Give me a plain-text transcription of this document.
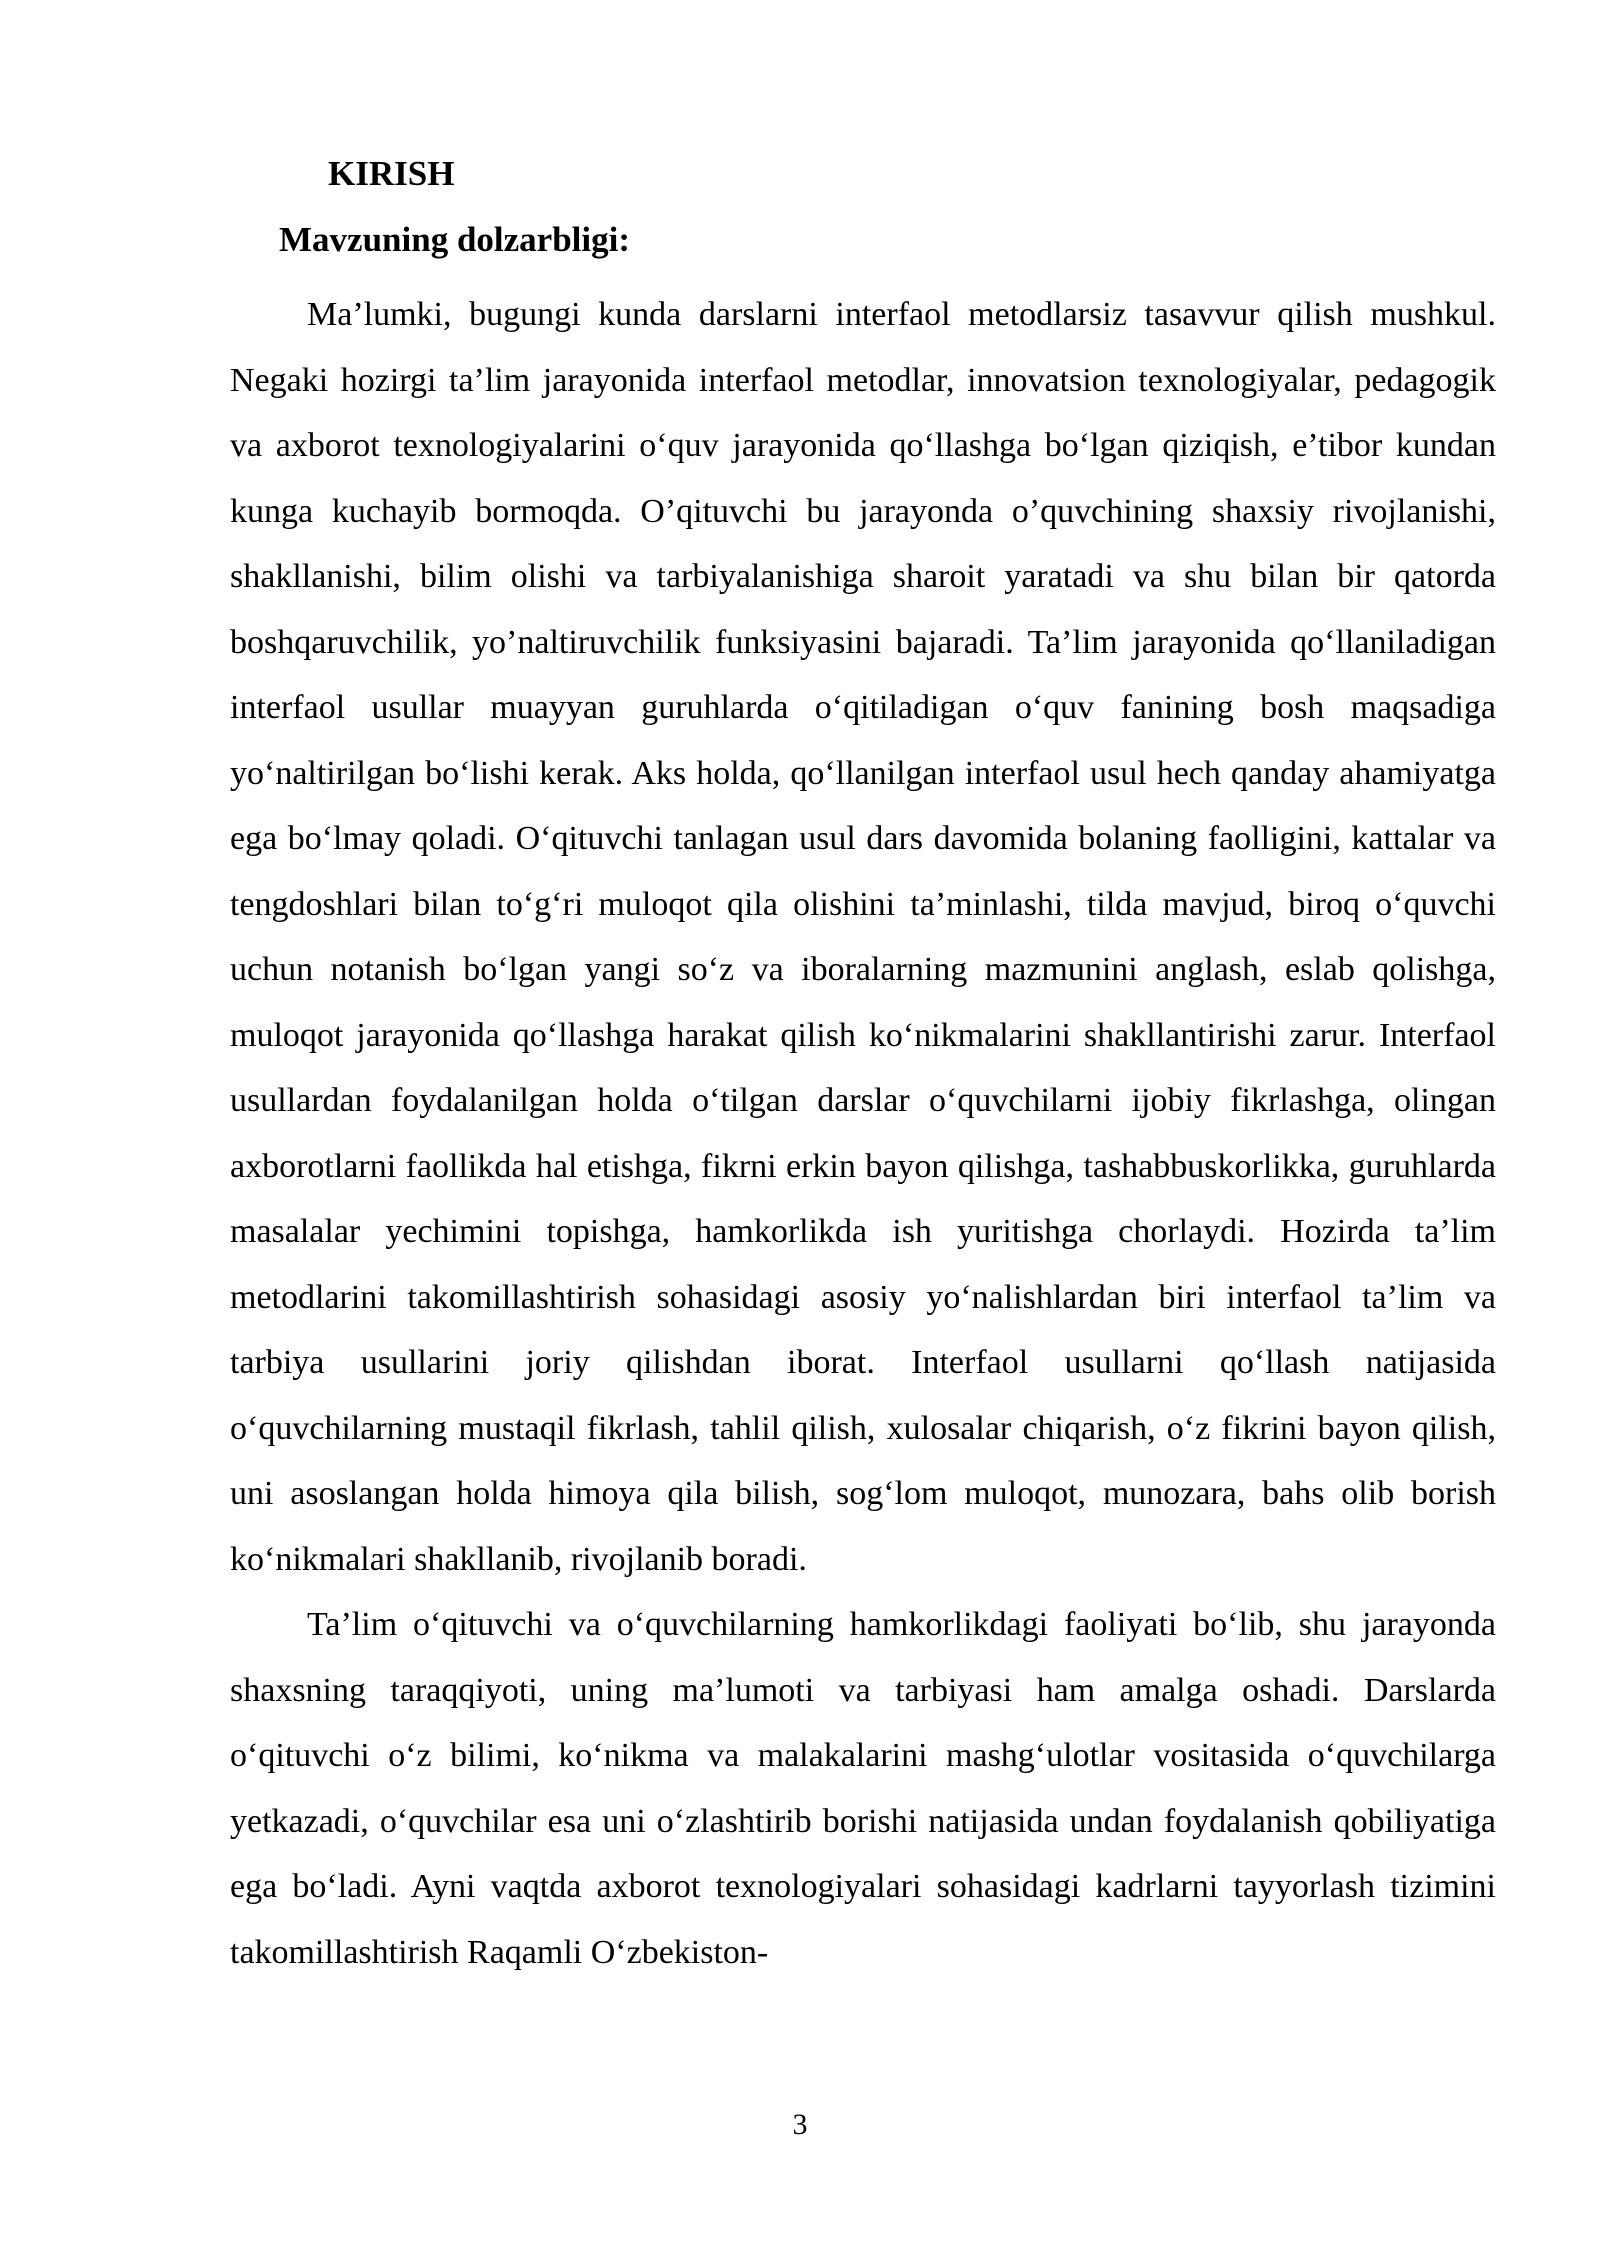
KIRISH
Mavzuning dolzarbligi:

Ma’lumki, bugungi kunda darslarni interfaol metodlarsiz tasavvur qilish mushkul. Negaki hozirgi ta’lim jarayonida interfaol metodlar, innovatsion texnologiyalar, pedagogik va axborot texnologiyalarini o‘quv jarayonida qo‘llashga bo‘lgan qiziqish, e’tibor kundan kunga kuchayib bormoqda. O’qituvchi bu jarayonda o’quvchining shaxsiy rivojlanishi, shakllanishi, bilim olishi va tarbiyalanishiga sharoit yaratadi va shu bilan bir qatorda boshqaruvchilik, yo’naltiruvchilik funksiyasini bajaradi. Ta’lim jarayonida qo‘llaniladigan interfaol usullar muayyan guruhlarda o‘qitiladigan o‘quv fanining bosh maqsadiga yo‘naltirilgan bo‘lishi kerak. Aks holda, qo‘llanilgan interfaol usul hech qanday ahamiyatga ega bo‘lmay qoladi. O‘qituvchi tanlagan usul dars davomida bolaning faolligini, kattalar va tengdoshlari bilan to‘g‘ri muloqot qila olishini ta’minlashi, tilda mavjud, biroq o‘quvchi uchun notanish bo‘lgan yangi so‘z va iboralarning mazmunini anglash, eslab qolishga, muloqot jarayonida qo‘llashga harakat qilish ko‘nikmalarini shakllantirishi zarur. Interfaol usullardan foydalanilgan holda o‘tilgan darslar o‘quvchilarni ijobiy fikrlashga, olingan axborotlarni faollikda hal etishga, fikrni erkin bayon qilishga, tashabbuskorlikka, guruhlarda masalalar yechimini topishga, hamkorlikda ish yuritishga chorlaydi. Hozirda ta’lim metodlarini takomillashtirish sohasidagi asosiy yo‘nalishlardan biri interfaol ta’lim va tarbiya usullarini joriy qilishdan iborat. Interfaol usullarni qo‘llash natijasida o‘quvchilarning mustaqil fikrlash, tahlil qilish, xulosalar chiqarish, o‘z fikrini bayon qilish, uni asoslangan holda himoya qila bilish, sog‘lom muloqot, munozara, bahs olib borish ko‘nikmalari shakllanib, rivojlanib boradi.

Ta’lim o‘qituvchi va o‘quvchilarning hamkorlikdagi faoliyati bo‘lib, shu jarayonda shaxsning taraqqiyoti, uning ma’lumoti va tarbiyasi ham amalga oshadi. Darslarda o‘qituvchi o‘z bilimi, ko‘nikma va malakalarini mashg‘ulotlar vositasida o‘quvchilarga yetkazadi, o‘quvchilar esa uni o‘zlashtirib borishi natijasida undan foydalanish qobiliyatiga ega bo‘ladi. Ayni vaqtda axborot texnologiyalari sohasidagi kadrlarni tayyorlash tizimini takomillashtirish Raqamli O‘zbekiston-

3
